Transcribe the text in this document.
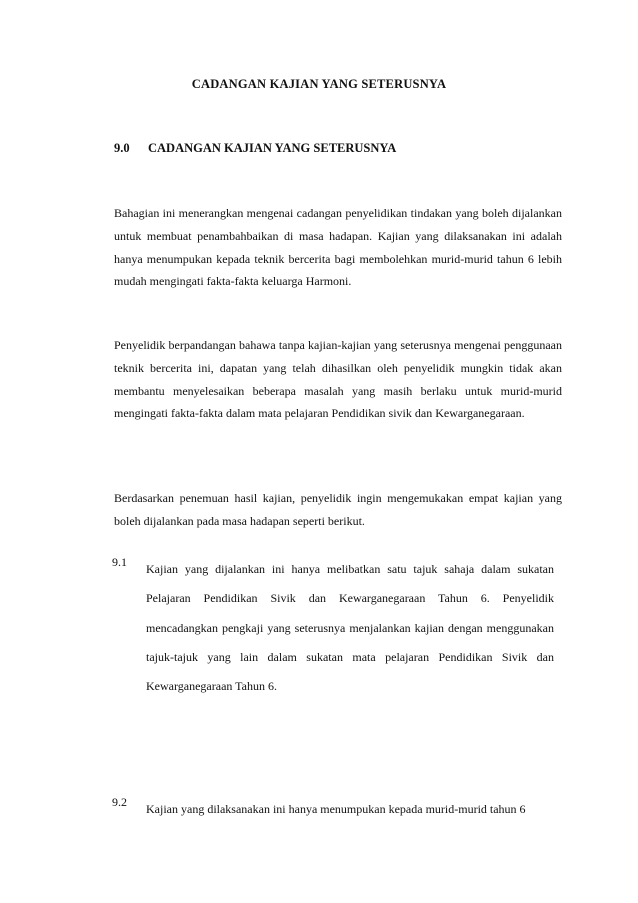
CADANGAN KAJIAN YANG SETERUSNYA
9.0 CADANGAN KAJIAN YANG SETERUSNYA

Bahagian ini menerangkan mengenai cadangan penyelidikan tindakan yang boleh dijalankan untuk membuat penambahbaikan di masa hadapan. Kajian yang dilaksanakan ini adalah hanya menumpukan kepada teknik bercerita bagi membolehkan murid-murid tahun 6 lebih mudah mengingati fakta-fakta keluarga Harmoni.

Penyelidik berpandangan bahawa tanpa kajian-kajian yang seterusnya mengenai penggunaan teknik bercerita ini, dapatan yang telah dihasilkan oleh penyelidik mungkin tidak akan membantu menyelesaikan beberapa masalah yang masih berlaku untuk murid-murid mengingati fakta-fakta dalam mata pelajaran Pendidikan sivik dan Kewarganegaraan.

Berdasarkan penemuan hasil kajian, penyelidik ingin mengemukakan empat kajian yang boleh dijalankan pada masa hadapan seperti berikut.

9.1	Kajian yang dijalankan ini hanya melibatkan satu tajuk sahaja dalam sukatan Pelajaran Pendidikan Sivik dan Kewarganegaraan Tahun 6. Penyelidik mencadangkan pengkaji yang seterusnya menjalankan kajian dengan menggunakan tajuk-tajuk yang lain dalam sukatan mata pelajaran Pendidikan Sivik dan Kewarganegaraan Tahun 6.
9.2	Kajian yang dilaksanakan ini hanya menumpukan kepada murid-murid tahun 6
